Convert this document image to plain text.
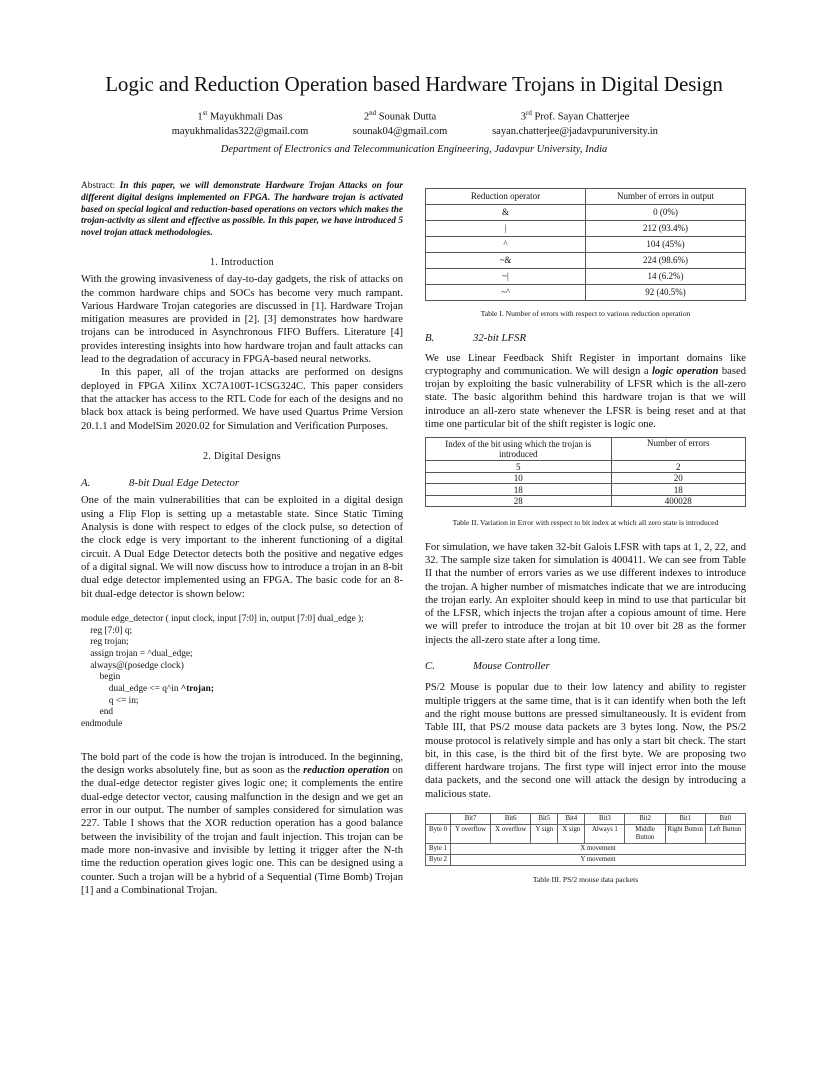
Logic and Reduction Operation based Hardware Trojans in Digital Design
1st Mayukhmali Das
mayukhmalidas322@gmail.com
2nd Sounak Dutta
sounak04@gmail.com
3rd Prof. Sayan Chatterjee
sayan.chatterjee@jadavpuruniversity.in
Department of Electronics and Telecommunication Engineering, Jadavpur University, India

Abstract: In this paper, we will demonstrate Hardware Trojan Attacks on four different digital designs implemented on FPGA. The hardware trojan is activated based on special logical and reduction-based operations on vectors which makes the trojan-activity as silent and effective as possible. In this paper, we have introduced 5 novel trojan attack methodologies.

1. Introduction

With the growing invasiveness of day-to-day gadgets, the risk of attacks on the common hardware chips and SOCs has become very much rampant. Various Hardware Trojan categories are discussed in [1]. Hardware Trojan mitigation measures are provided in [2]. [3] demonstrates how hardware trojans can be introduced in Asynchronous FIFO Buffers. Literature [4] provides interesting insights into how hardware trojan and fault attacks can lead to the degradation of accuracy in FPGA-based neural networks.

In this paper, all of the trojan attacks are performed on designs deployed in FPGA Xilinx XC7A100T-1CSG324C. This paper considers that the attacker has access to the RTL Code for each of the designs and no black box attack is being performed. We have used Quartus Prime Version 20.1.1 and ModelSim 2020.02 for Simulation and Verification Purposes.

2. Digital Designs

A.	8-bit Dual Edge Detector

One of the main vulnerabilities that can be exploited in a digital design using a Flip Flop is setting up a metastable state. Since Static Timing Analysis is done with respect to edges of the clock pulse, so detection of the clock edge is very important to the inherent functioning of a digital circuit. A Dual Edge Detector detects both the positive and negative edges of a digital signal. We will now discuss how to introduce a trojan in an 8-bit dual edge detector implemented using an FPGA. The basic code for an 8-bit dual-edge detector is shown below:

module edge_detector ( input clock, input [7:0] in, output [7:0] dual_edge );
reg [7:0] q;
reg trojan;
assign trojan = ^dual_edge;
always@(posedge clock)
begin
dual_edge <= q^in ^trojan;
q <= in;
end
endmodule

The bold part of the code is how the trojan is introduced. In the beginning, the design works absolutely fine, but as soon as the reduction operation on the dual-edge detector register gives logic one; it complements the entire dual-edge detector vector, causing malfunction in the design and we get an error in our output. The number of samples considered for simulation was 227. Table I shows that the XOR reduction operation has a good balance between the invisibility of the trojan and fault injection. This trojan can be made more non-invasive and invisible by letting it trigger after the N-th time the reduction operation gives logic one. This can be designed using a counter. Such a trojan will be a hybrid of a Sequential (Time Bomb) Trojan [1] and a Combinational Trojan.

Reduction operator	Number of errors in output
&	0 (0%)
|	212 (93.4%)
^	104 (45%)
~&	224 (98.6%)
~|	14 (6.2%)
~^	92 (40.5%)

Table I. Number of errors with respect to various reduction operation

B.	32-bit LFSR

We use Linear Feedback Shift Register in important domains like cryptography and communication. We will design a logic operation based trojan by exploiting the basic vulnerability of LFSR which is the all-zero state. The basic algorithm behind this hardware trojan is that we will introduce an all-zero state whenever the LFSR is being reset and at that time one particular bit of the shift register is logic one.

Index of the bit using which the trojan is introduced	Number of errors
5	2
10	20
18	18
28	400028

Table II. Variation in Error with respect to bit index at which all zero state is introduced

For simulation, we have taken 32-bit Galois LFSR with taps at 1, 2, 22, and 32. The sample size taken for simulation is 400411. We can see from Table II that the number of errors varies as we use different indexes to introduce the trojan. A higher number of mismatches indicate that we are introducing the trojan early. An exploiter should keep in mind to use that particular bit of the LFSR, which injects the trojan after a copious amount of time. Here we will prefer to introduce the trojan at bit 10 over bit 28 as the former injects the all-zero state after a long time.

C.	Mouse Controller

PS/2 Mouse is popular due to their low latency and ability to register multiple triggers at the same time, that is it can identify when both the left and the right mouse buttons are pressed simultaneously. It is evident from Table III, that PS/2 mouse data packets are 3 bytes long. Now, the PS/2 mouse protocol is relatively simple and has only a start bit check. The start bit, in this case, is the third bit of the first byte. We are proposing two different hardware trojans. The first type will inject error into the mouse data packets, and the second one will attack the design by introducing a malicious state.

	Bit7	Bit6	Bit5	Bit4	Bit3	Bit2	Bit1	Bit0
Byte 0	Y overflow	X overflow	Y sign	X sign	Always 1	Middle Button	Right Button	Left Button
Byte 1	X movement							
Byte 2	Y movement							

Table III. PS/2 mouse data packets
